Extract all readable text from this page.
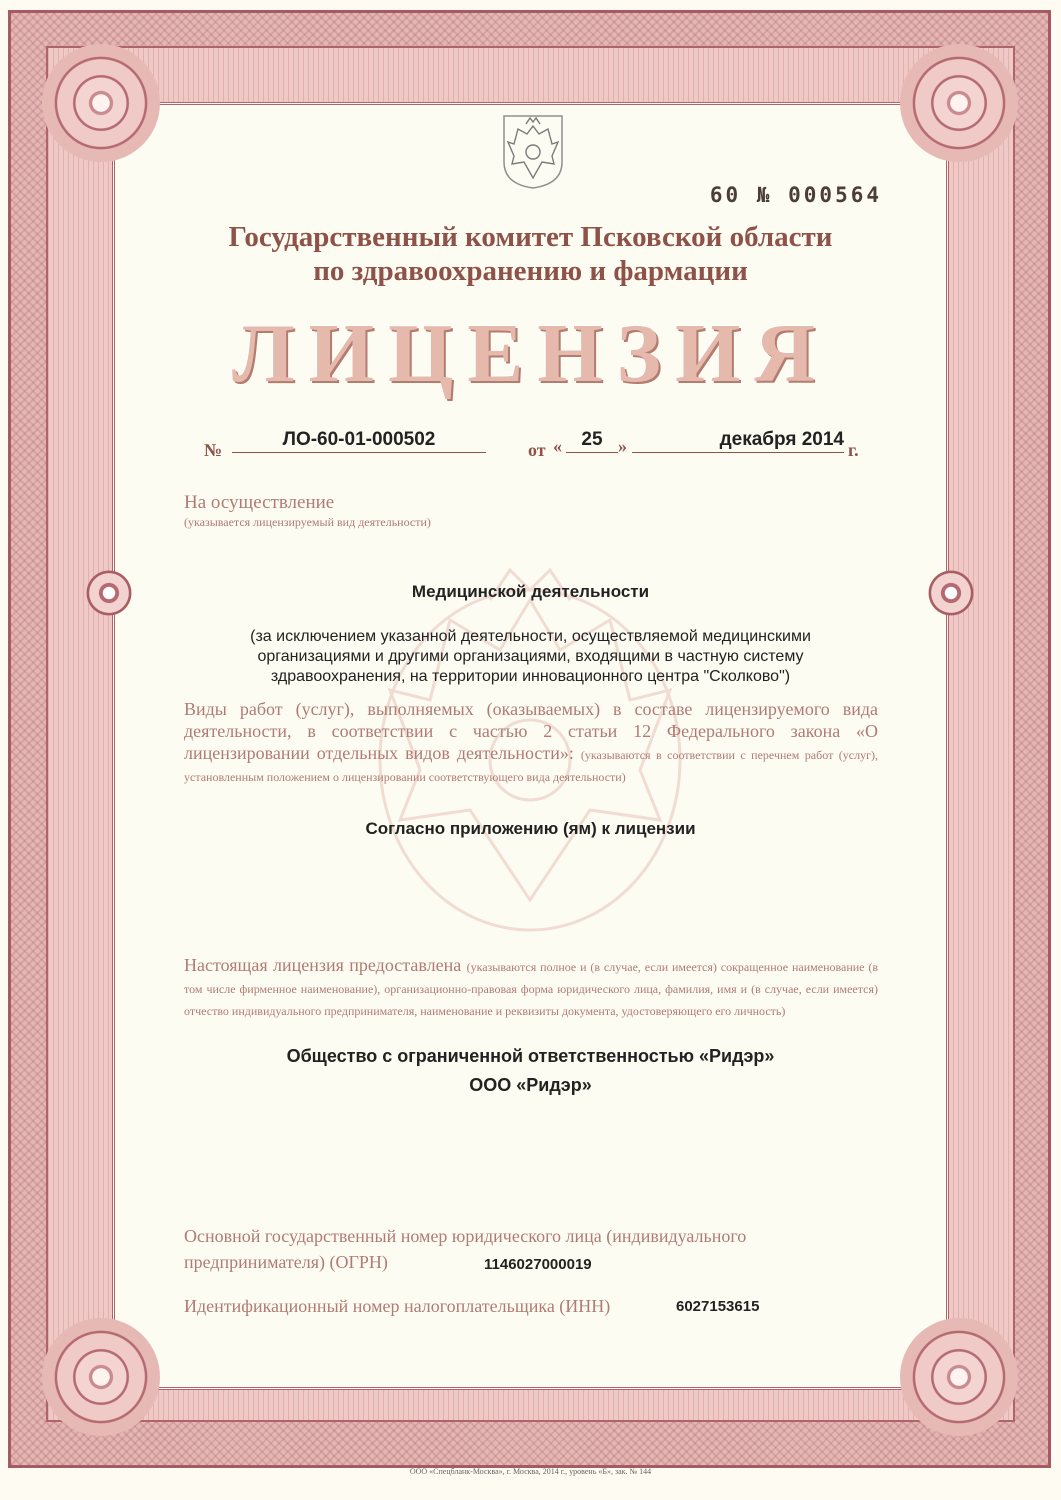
60 № 000564
Государственный комитет Псковской области
по здравоохранению и фармации
ЛИЦЕНЗИЯ
№	ЛО-60-01-000502	от «	25 »	декабря 2014 г.
На осуществление
(указывается лицензируемый вид деятельности)
Медицинской деятельности
(за исключением указанной деятельности, осуществляемой медицинскими
организациями и другими организациями, входящими в частную систему
здравоохранения, на территории инновационного центра "Сколково")
Виды работ (услуг), выполняемых (оказываемых) в составе лицензируемого вида деятельности, в соответствии с частью 2 статьи 12 Федерального закона «О лицензировании отдельных видов деятельности»: (указываются в соответствии с перечнем работ (услуг), установленным положением о лицензировании соответствующего вида деятельности)
Согласно приложению (ям) к лицензии
Настоящая лицензия предоставлена (указываются полное и (в случае, если имеется) сокращенное наименование (в том числе фирменное наименование), организационно-правовая форма юридического лица, фамилия, имя и (в случае, если имеется) отчество индивидуального предпринимателя, наименование и реквизиты документа, удостоверяющего его личность)
Общество с ограниченной ответственностью «Ридэр»
ООО «Ридэр»
Основной государственный номер юридического лица (индивидуального
предпринимателя) (ОГРН)	1146027000019
Идентификационный номер налогоплательщика (ИНН)	6027153615
ООО «Спецбланк-Москва», г. Москва, 2014 г., уровень «Б», зак. № 144
